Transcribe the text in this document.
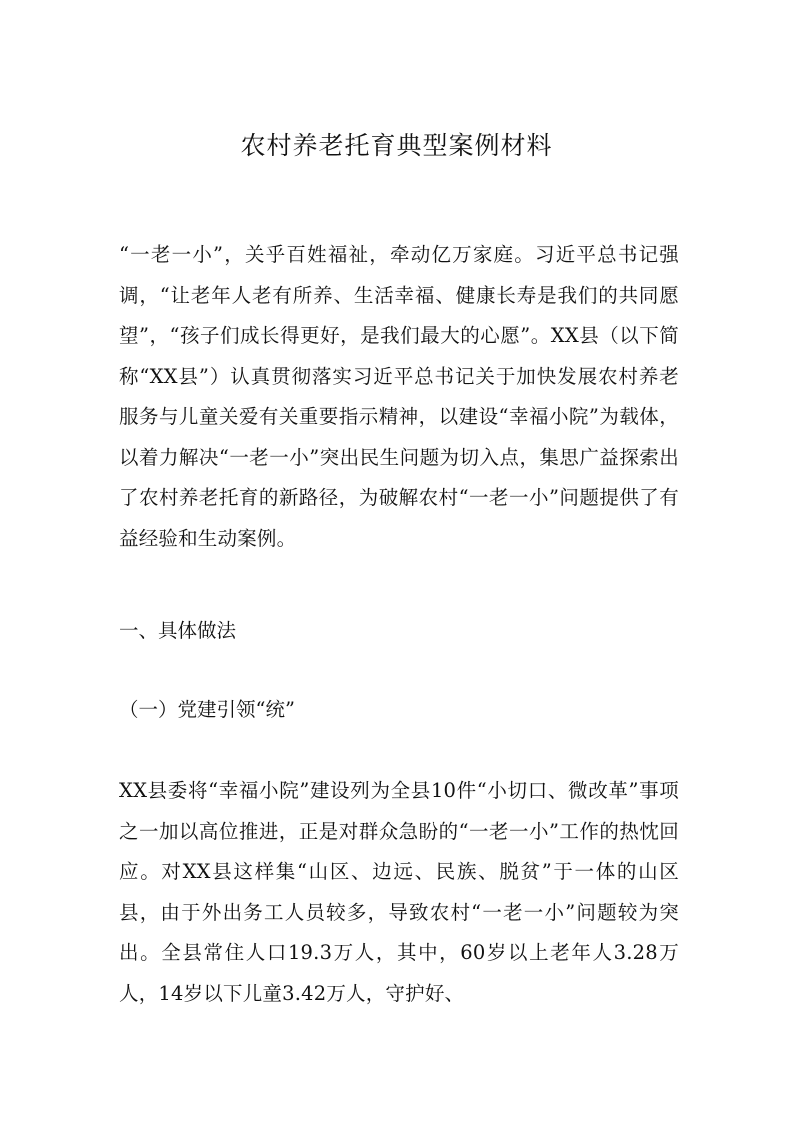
农村养老托育典型案例材料

“一老一小”，关乎百姓福祉，牵动亿万家庭。习近平总书记强调，“让老年人老有所养、生活幸福、健康长寿是我们的共同愿望”，“孩子们成长得更好，是我们最大的心愿”。XX县（以下简称“XX县”）认真贯彻落实习近平总书记关于加快发展农村养老服务与儿童关爱有关重要指示精神，以建设“幸福小院”为载体，以着力解决“一老一小”突出民生问题为切入点，集思广益探索出了农村养老托育的新路径，为破解农村“一老一小”问题提供了有益经验和生动案例。

一、具体做法

（一）党建引领“统”

XX县委将“幸福小院”建设列为全县10件“小切口、微改革”事项之一加以高位推进，正是对群众急盼的“一老一小”工作的热忱回应。对XX县这样集“山区、边远、民族、脱贫”于一体的山区县，由于外出务工人员较多，导致农村“一老一小”问题较为突出。全县常住人口19.3万人，其中，60岁以上老年人3.28万人，14岁以下儿童3.42万人，守护好、
